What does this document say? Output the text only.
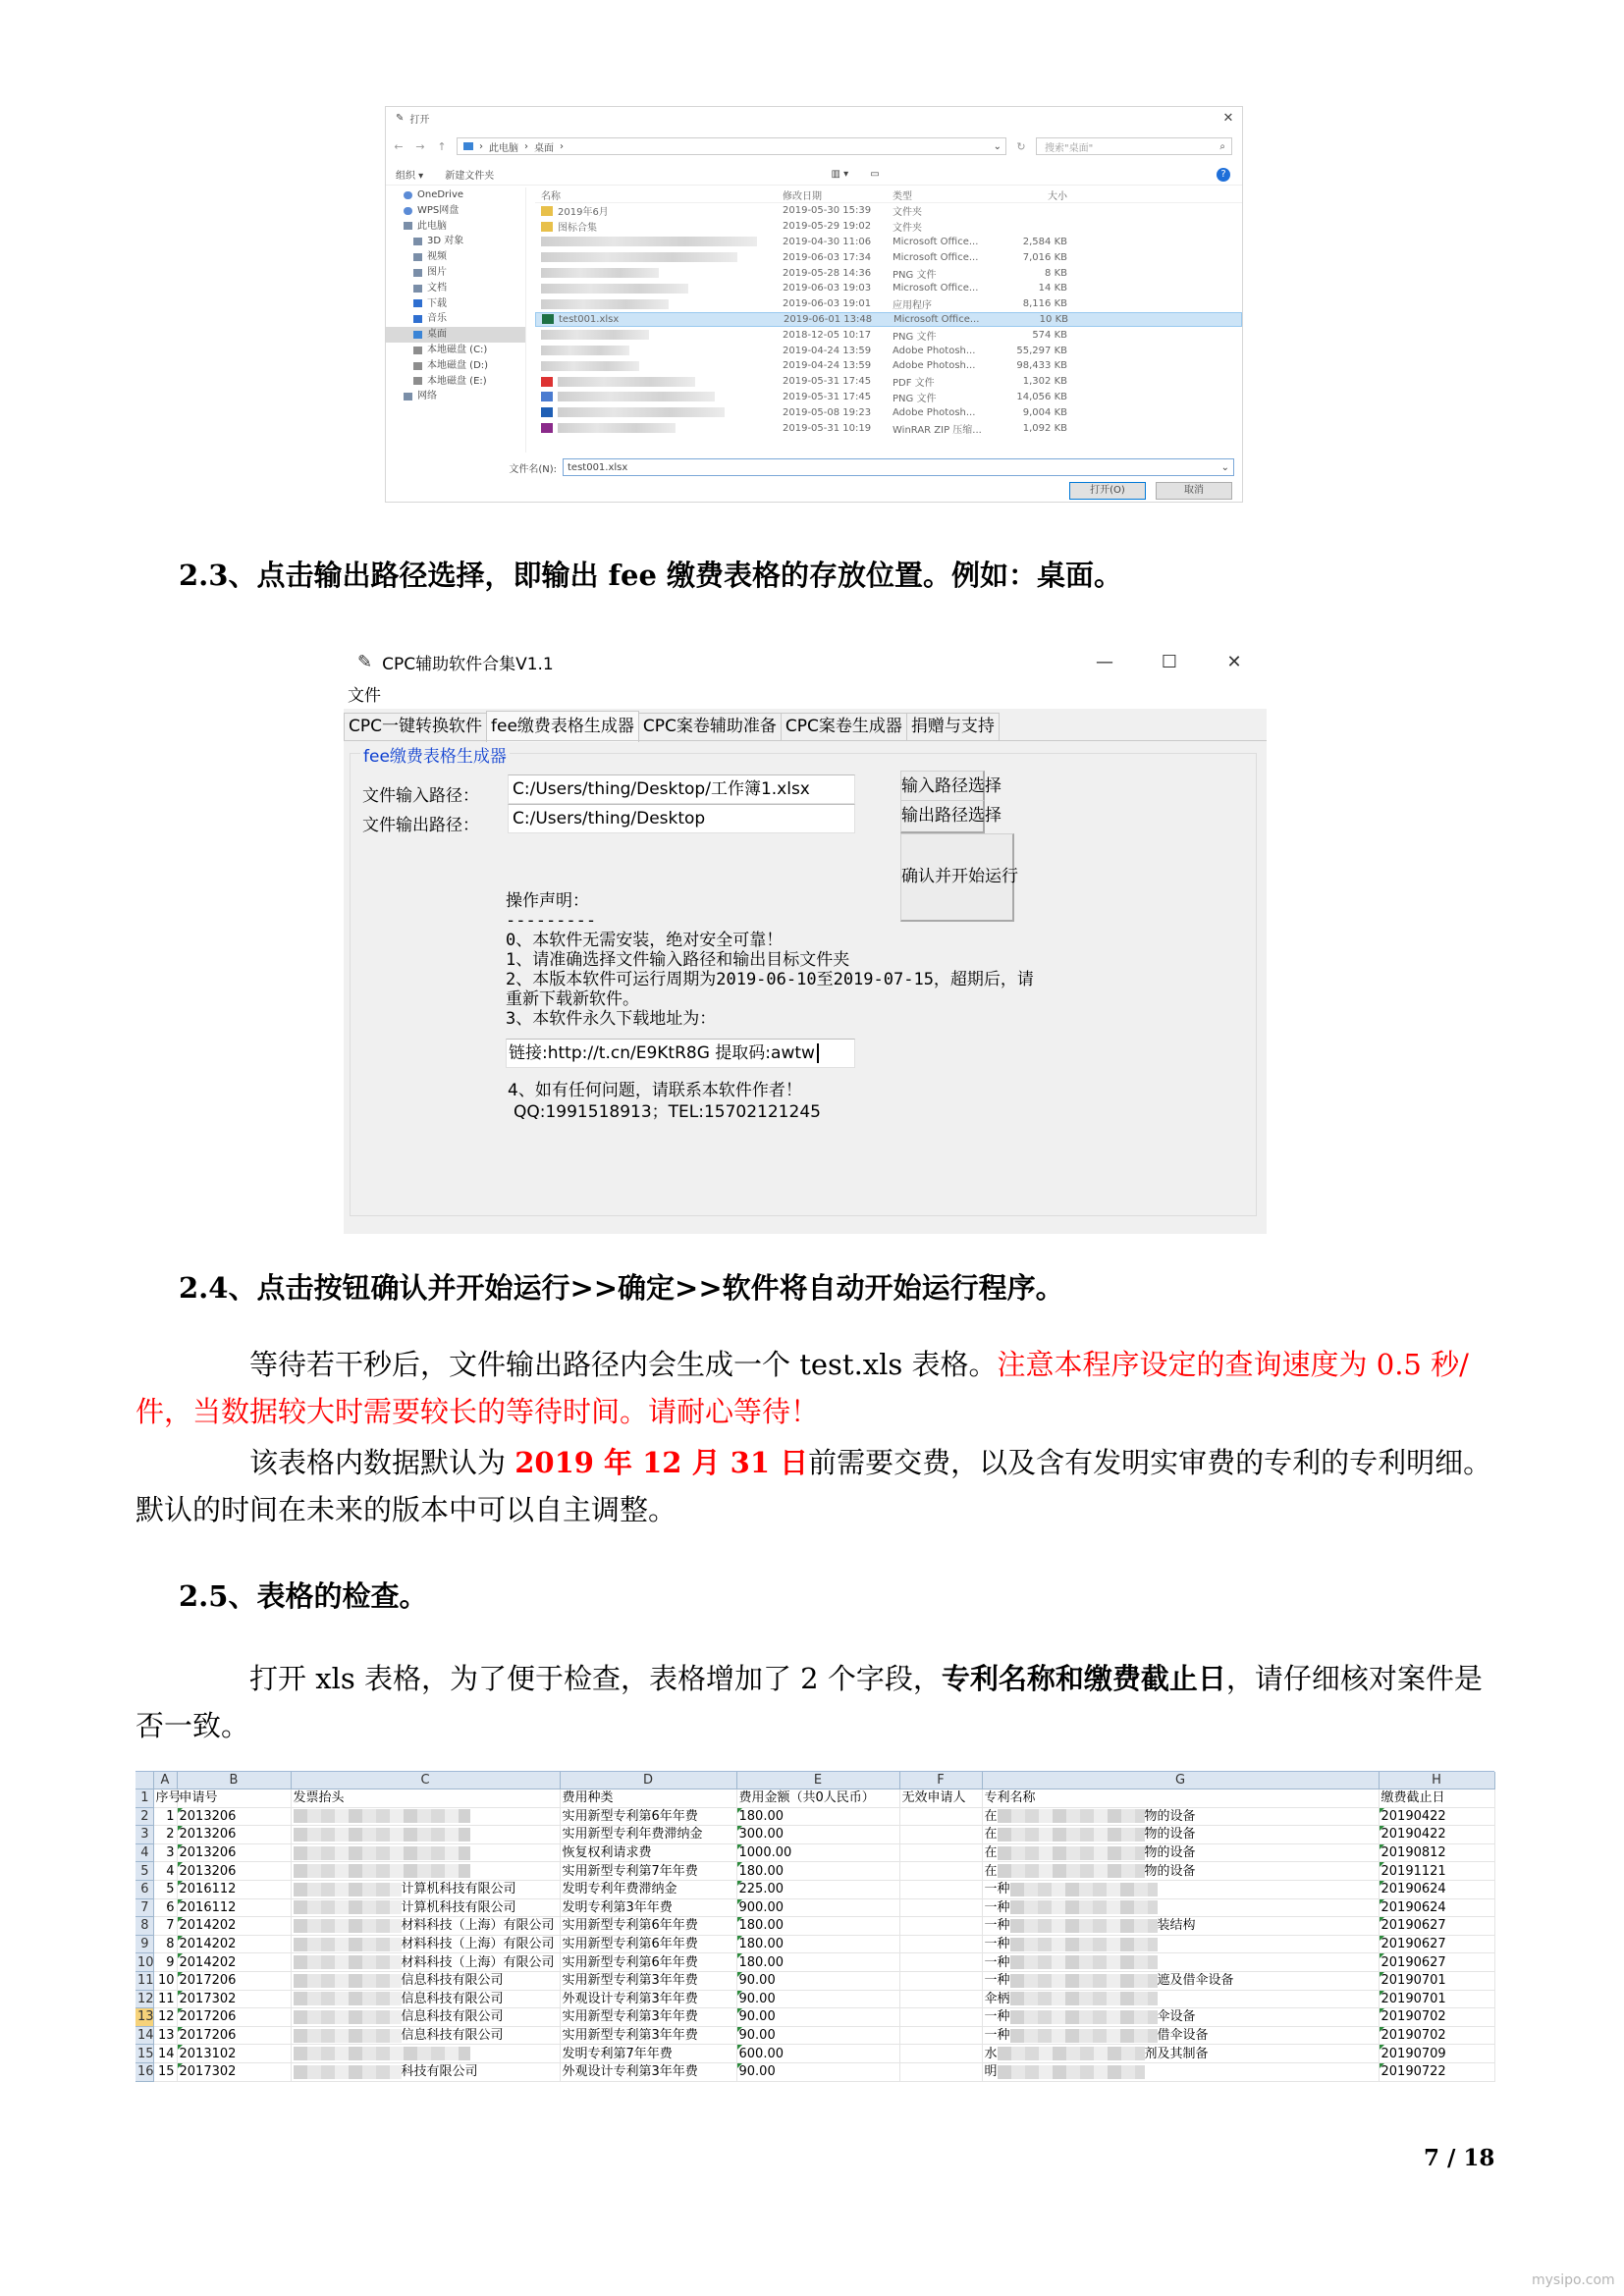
✎ 打开	✕
← → ↑	› 此电脑 › 桌面 ›	⌄ ↻ 搜索"桌面"	⌕
组织 ▾ 新建文件夹	▥ ▾ ▭	?
OneDrive
WPS网盘
此电脑
3D 对象
视频
图片
文档
下载
音乐
桌面
本地磁盘 (C:)
本地磁盘 (D:)
本地磁盘 (E:)
网络
名称	修改日期	类型	大小
2019年6月	2019-05-30 15:39	文件夹
图标合集	2019-05-29 19:02	文件夹
2019-04-30 11:06	Microsoft Office...	2,584 KB
2019-06-03 17:34	Microsoft Office...	7,016 KB
2019-05-28 14:36	PNG 文件	8 KB
2019-06-03 19:03	Microsoft Office...	14 KB
2019-06-03 19:01	应用程序	8,116 KB
test001.xlsx	2019-06-01 13:48	Microsoft Office...	10 KB
2018-12-05 10:17	PNG 文件	574 KB
2019-04-24 13:59	Adobe Photosh...	55,297 KB
2019-04-24 13:59	Adobe Photosh...	98,433 KB
2019-05-31 17:45	PDF 文件	1,302 KB
2019-05-31 17:45	PNG 文件	14,056 KB
2019-05-08 19:23	Adobe Photosh...	9,004 KB
2019-05-31 10:19	WinRAR ZIP 压缩...	1,092 KB
文件名(N):	test001.xlsx	⌄
打开(O)	取消
2.3、点击输出路径选择，即输出 fee 缴费表格的存放位置。例如：桌面。
✎ CPC辅助软件合集V1.1	—	☐	✕
文件
CPC一键转换软件 fee缴费表格生成器 CPC案卷辅助准备 CPC案卷生成器 捐赠与支持
fee缴费表格生成器
文件输入路径： C:/Users/thing/Desktop/工作簿1.xlsx	输入路径选择
文件输出路径： C:/Users/thing/Desktop	输出路径选择
确认并开始运行
操作声明：
---------
0、本软件无需安装，绝对安全可靠！
1、请准确选择文件输入路径和输出目标文件夹
2、本版本软件可运行周期为2019-06-10至2019-07-15，超期后，请
重新下载新软件。
3、本软件永久下载地址为：
链接:http://t.cn/E9KtR8G 提取码:awtw
4、如有任何问题，请联系本软件作者！
QQ:1991518913；TEL:15702121245
2.4、点击按钮确认并开始运行>>确定>>软件将自动开始运行程序。
等待若干秒后，文件输出路径内会生成一个 test.xls 表格。注意本程序设定的查询速度为 0.5 秒/件，当数据较大时需要较长的等待时间。请耐心等待！
该表格内数据默认为 2019 年 12 月 31 日前需要交费，以及含有发明实审费的专利的专利明细。默认的时间在未来的版本中可以自主调整。
2.5、表格的检查。
打开 xls 表格，为了便于检查，表格增加了 2 个字段，专利名称和缴费截止日，请仔细核对案件是否一致。
	A	B	C	D	E	F	G	H
1	序号	申请号	发票抬头	费用种类	费用金额（共0人民币）	无效申请人	专利名称	缴费截止日
2	1	2013206		实用新型专利第6年年费	180.00		在 物的设备	20190422
3	2	2013206		实用新型专利年费滞纳金	300.00		在 物的设备	20190422
4	3	2013206		恢复权利请求费	1000.00		在 物的设备	20190812
5	4	2013206		实用新型专利第7年年费	180.00		在 物的设备	20191121
6	5	2016112	计算机科技有限公司	发明专利年费滞纳金	225.00		一种	20190624
7	6	2016112	计算机科技有限公司	发明专利第3年年费	900.00		一种	20190624
8	7	2014202	材料科技（上海）有限公司	实用新型专利第6年年费	180.00		一种 装结构	20190627
9	8	2014202	材料科技（上海）有限公司	实用新型专利第6年年费	180.00		一种	20190627
10	9	2014202	材料科技（上海）有限公司	实用新型专利第6年年费	180.00		一种	20190627
11	10	2017206	信息科技有限公司	实用新型专利第3年年费	90.00		一种 遮及借伞设备	20190701
12	11	2017302	信息科技有限公司	外观设计专利第3年年费	90.00		伞柄	20190701
13	12	2017206	信息科技有限公司	实用新型专利第3年年费	90.00		一种 伞设备	20190702
14	13	2017206	信息科技有限公司	实用新型专利第3年年费	90.00		一种 借伞设备	20190702
15	14	2013102		发明专利第7年年费	600.00		水 剂及其制备	20190709
16	15	2017302	科技有限公司	外观设计专利第3年年费	90.00		明	20190722
7 / 18
mysipo.com
